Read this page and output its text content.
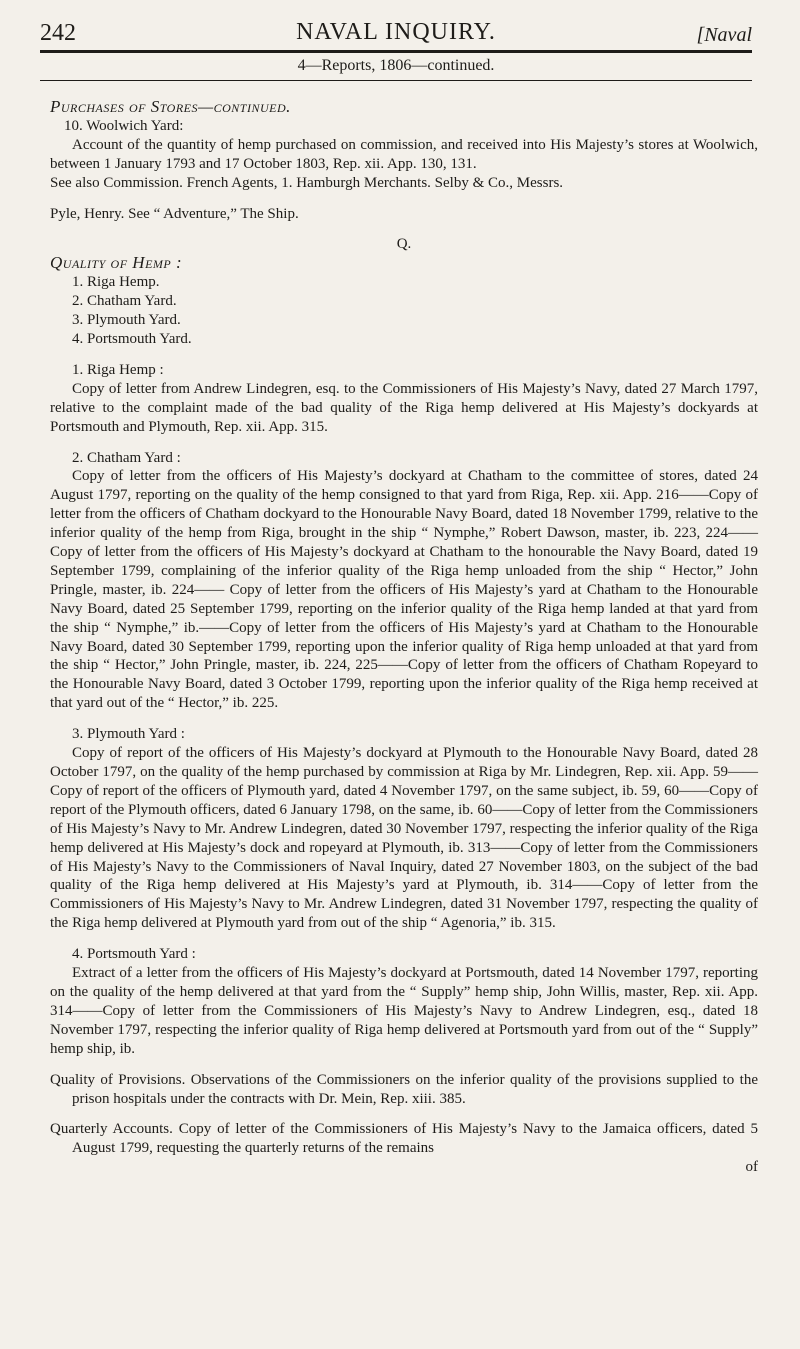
242	NAVAL INQUIRY.	[Naval
4—Reports, 1806—continued.

Purchases of Stores—continued.

10. Woolwich Yard:

Account of the quantity of hemp purchased on commission, and received into His Majesty’s stores at Woolwich, between 1 January 1793 and 17 October 1803, Rep. xii. App. 130, 131.

See also Commission. French Agents, 1. Hamburgh Merchants. Selby & Co., Messrs.

Pyle, Henry. See “ Adventure,” The Ship.

Q.

Quality of Hemp :

1. Riga Hemp.
2. Chatham Yard.
3. Plymouth Yard.
4. Portsmouth Yard.

1. Riga Hemp :

Copy of letter from Andrew Lindegren, esq. to the Commissioners of His Majesty’s Navy, dated 27 March 1797, relative to the complaint made of the bad quality of the Riga hemp delivered at His Majesty’s dockyards at Portsmouth and Plymouth, Rep. xii. App. 315.

2. Chatham Yard :

Copy of letter from the officers of His Majesty’s dockyard at Chatham to the committee of stores, dated 24 August 1797, reporting on the quality of the hemp consigned to that yard from Riga, Rep. xii. App. 216——Copy of letter from the officers of Chatham dockyard to the Honourable Navy Board, dated 18 November 1799, relative to the inferior quality of the hemp from Riga, brought in the ship “ Nymphe,” Robert Dawson, master, ib. 223, 224——Copy of letter from the officers of His Majesty’s dockyard at Chatham to the honourable the Navy Board, dated 19 September 1799, complaining of the inferior quality of the Riga hemp unloaded from the ship “ Hector,” John Pringle, master, ib. 224—— Copy of letter from the officers of His Majesty’s yard at Chatham to the Honourable Navy Board, dated 25 September 1799, reporting on the inferior quality of the Riga hemp landed at that yard from the ship “ Nymphe,” ib.——Copy of letter from the officers of His Majesty’s yard at Chatham to the Honourable Navy Board, dated 30 September 1799, reporting upon the inferior quality of Riga hemp unloaded at that yard from the ship “ Hector,” John Pringle, master, ib. 224, 225——Copy of letter from the officers of Chatham Ropeyard to the Honourable Navy Board, dated 3 October 1799, reporting upon the inferior quality of the Riga hemp received at that yard out of the “ Hector,” ib. 225.

3. Plymouth Yard :

Copy of report of the officers of His Majesty’s dockyard at Plymouth to the Honourable Navy Board, dated 28 October 1797, on the quality of the hemp purchased by commission at Riga by Mr. Lindegren, Rep. xii. App. 59——Copy of report of the officers of Plymouth yard, dated 4 November 1797, on the same subject, ib. 59, 60——Copy of report of the Plymouth officers, dated 6 January 1798, on the same, ib. 60——Copy of letter from the Commissioners of His Majesty’s Navy to Mr. Andrew Lindegren, dated 30 November 1797, respecting the inferior quality of the Riga hemp delivered at His Majesty’s dock and ropeyard at Plymouth, ib. 313——Copy of letter from the Commissioners of His Majesty’s Navy to the Commissioners of Naval Inquiry, dated 27 November 1803, on the subject of the bad quality of the Riga hemp delivered at His Majesty’s yard at Plymouth, ib. 314——Copy of letter from the Commissioners of His Majesty’s Navy to Mr. Andrew Lindegren, dated 31 November 1797, respecting the quality of the Riga hemp delivered at Plymouth yard from out of the ship “ Agenoria,” ib. 315.

4. Portsmouth Yard :

Extract of a letter from the officers of His Majesty’s dockyard at Portsmouth, dated 14 November 1797, reporting on the quality of the hemp delivered at that yard from the “ Supply” hemp ship, John Willis, master, Rep. xii. App. 314——Copy of letter from the Commissioners of His Majesty’s Navy to Andrew Lindegren, esq., dated 18 November 1797, respecting the inferior quality of Riga hemp delivered at Portsmouth yard from out of the “ Supply” hemp ship, ib.

Quality of Provisions. Observations of the Commissioners on the inferior quality of the provisions supplied to the prison hospitals under the contracts with Dr. Mein, Rep. xiii. 385.

Quarterly Accounts. Copy of letter of the Commissioners of His Majesty’s Navy to the Jamaica officers, dated 5 August 1799, requesting the quarterly returns of the remains

of
